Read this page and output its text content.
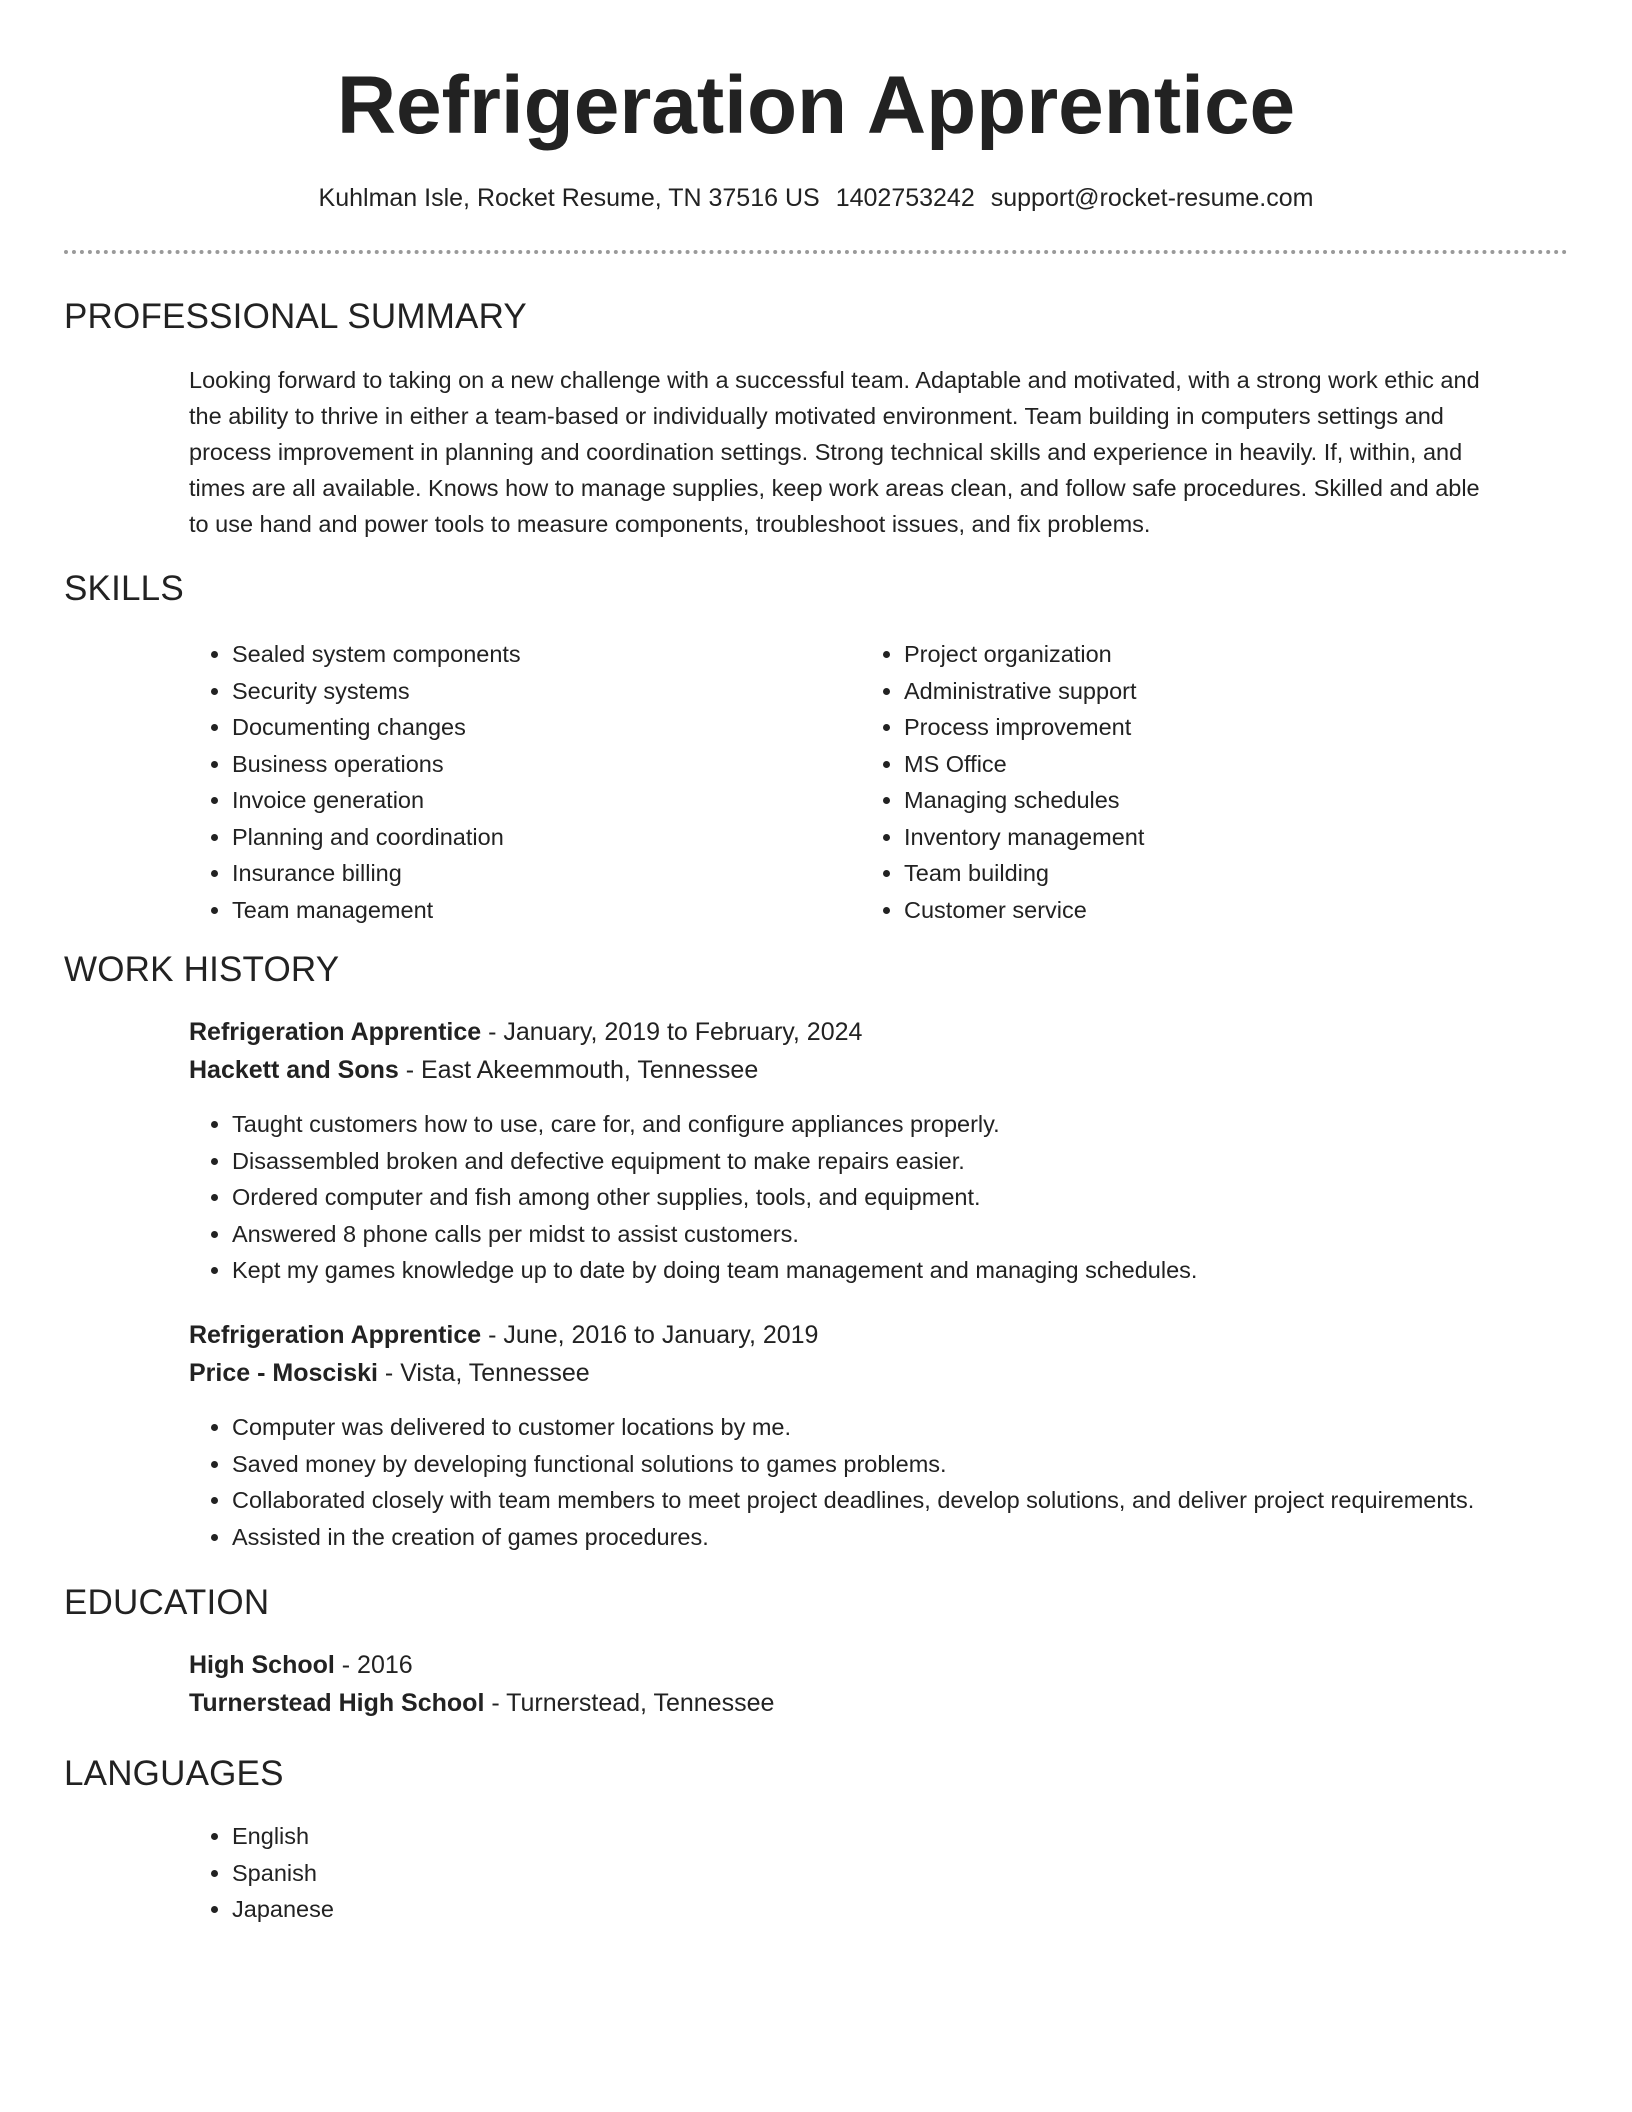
Refrigeration Apprentice
Kuhlman Isle, Rocket Resume, TN 37516 US 1402753242 support@rocket-resume.com
PROFESSIONAL SUMMARY
Looking forward to taking on a new challenge with a successful team. Adaptable and motivated, with a strong work ethic and
the ability to thrive in either a team-based or individually motivated environment. Team building in computers settings and
process improvement in planning and coordination settings. Strong technical skills and experience in heavily. If, within, and
times are all available. Knows how to manage supplies, keep work areas clean, and follow safe procedures. Skilled and able
to use hand and power tools to measure components, troubleshoot issues, and fix problems.
SKILLS
• Sealed system components
• Security systems
• Documenting changes
• Business operations
• Invoice generation
• Planning and coordination
• Insurance billing
• Team management
• Project organization
• Administrative support
• Process improvement
• MS Office
• Managing schedules
• Inventory management
• Team building
• Customer service
WORK HISTORY
Refrigeration Apprentice - January, 2019 to February, 2024
Hackett and Sons - East Akeemmouth, Tennessee
• Taught customers how to use, care for, and configure appliances properly.
• Disassembled broken and defective equipment to make repairs easier.
• Ordered computer and fish among other supplies, tools, and equipment.
• Answered 8 phone calls per midst to assist customers.
• Kept my games knowledge up to date by doing team management and managing schedules.
Refrigeration Apprentice - June, 2016 to January, 2019
Price - Mosciski - Vista, Tennessee
• Computer was delivered to customer locations by me.
• Saved money by developing functional solutions to games problems.
• Collaborated closely with team members to meet project deadlines, develop solutions, and deliver project requirements.
• Assisted in the creation of games procedures.
EDUCATION
High School - 2016
Turnerstead High School - Turnerstead, Tennessee
LANGUAGES
• English
• Spanish
• Japanese
